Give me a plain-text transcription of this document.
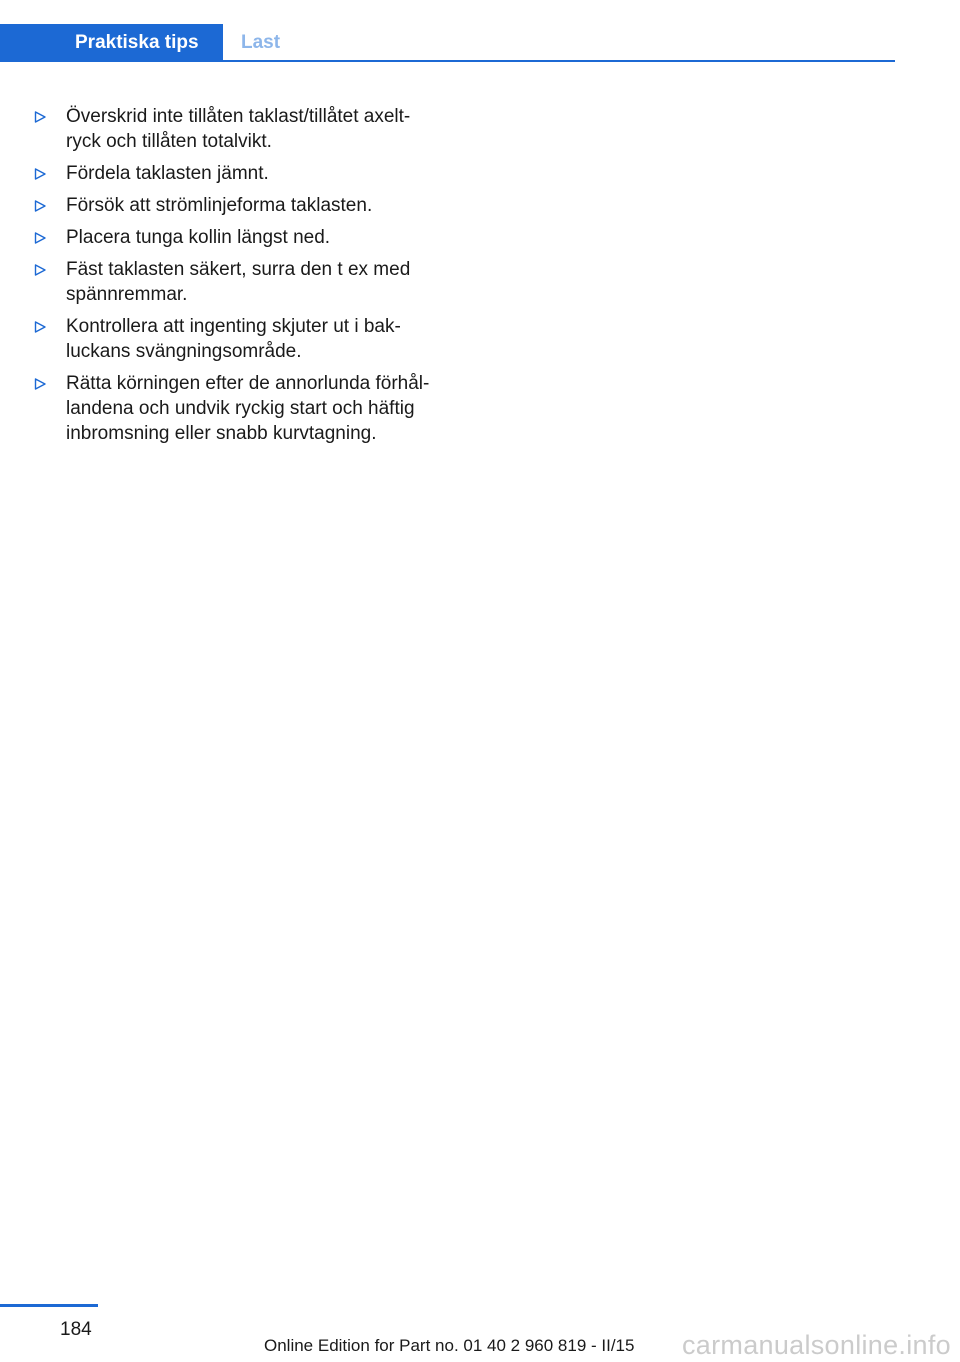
Praktiska tips	Last
Överskrid inte tillåten taklast/tillåtet axelt‐
ryck och tillåten totalvikt.
Fördela taklasten jämnt.
Försök att strömlinjeforma taklasten.
Placera tunga kollin längst ned.
Fäst taklasten säkert, surra den t ex med
spännremmar.
Kontrollera att ingenting skjuter ut i bak‐
luckans svängningsområde.
Rätta körningen efter de annorlunda förhål‐
landena och undvik ryckig start och häftig
inbromsning eller snabb kurvtagning.
184
Online Edition for Part no. 01 40 2 960 819 - II/15 carmanualsonline.info
